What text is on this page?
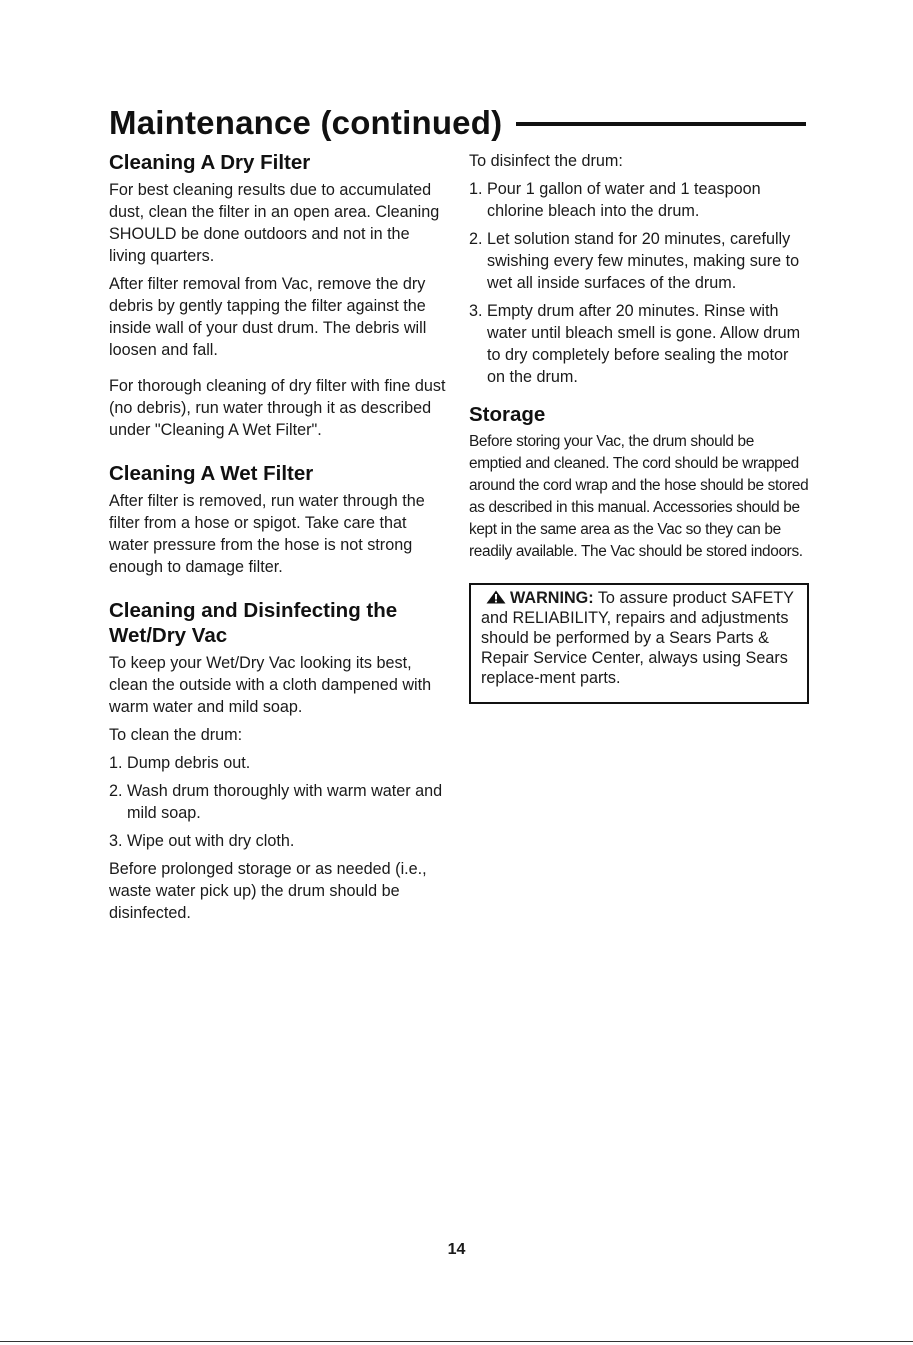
Maintenance (continued)
Cleaning A Dry Filter

For best cleaning results due to accumulated dust, clean the filter in an open area. Cleaning SHOULD be done outdoors and not in the living quarters.

After filter removal from Vac, remove the dry debris by gently tapping the filter against the inside wall of your dust drum. The debris will loosen and fall.

For thorough cleaning of dry filter with fine dust (no debris), run water through it as described under "Cleaning A Wet Filter".

Cleaning A Wet Filter

After filter is removed, run water through the filter from a hose or spigot. Take care that water pressure from the hose is not strong enough to damage filter.

Cleaning and Disinfecting the Wet/Dry Vac

To keep your Wet/Dry Vac looking its best, clean the outside with a cloth dampened with warm water and mild soap.

To clean the drum:

1. Dump debris out.
2. Wash drum thoroughly with warm water and mild soap.
3. Wipe out with dry cloth.

Before prolonged storage or as needed (i.e., waste water pick up) the drum should be disinfected.

To disinfect the drum:

1. Pour 1 gallon of water and 1 teaspoon chlorine bleach into the drum.
2. Let solution stand for 20 minutes, carefully swishing every few minutes, making sure to wet all inside surfaces of the drum.
3. Empty drum after 20 minutes. Rinse with water until bleach smell is gone. Allow drum to dry completely before sealing the motor on the drum.
Storage

Before storing your Vac, the drum should be emptied and cleaned. The cord should be wrapped around the cord wrap and the hose should be stored as described in this manual. Accessories should be kept in the same area as the Vac so they can be readily available. The Vac should be stored indoors.

WARNING: To assure product SAFETY and RELIABILITY, repairs and adjustments should be performed by a Sears Parts & Repair Service Center, always using Sears replace-ment parts.

14
